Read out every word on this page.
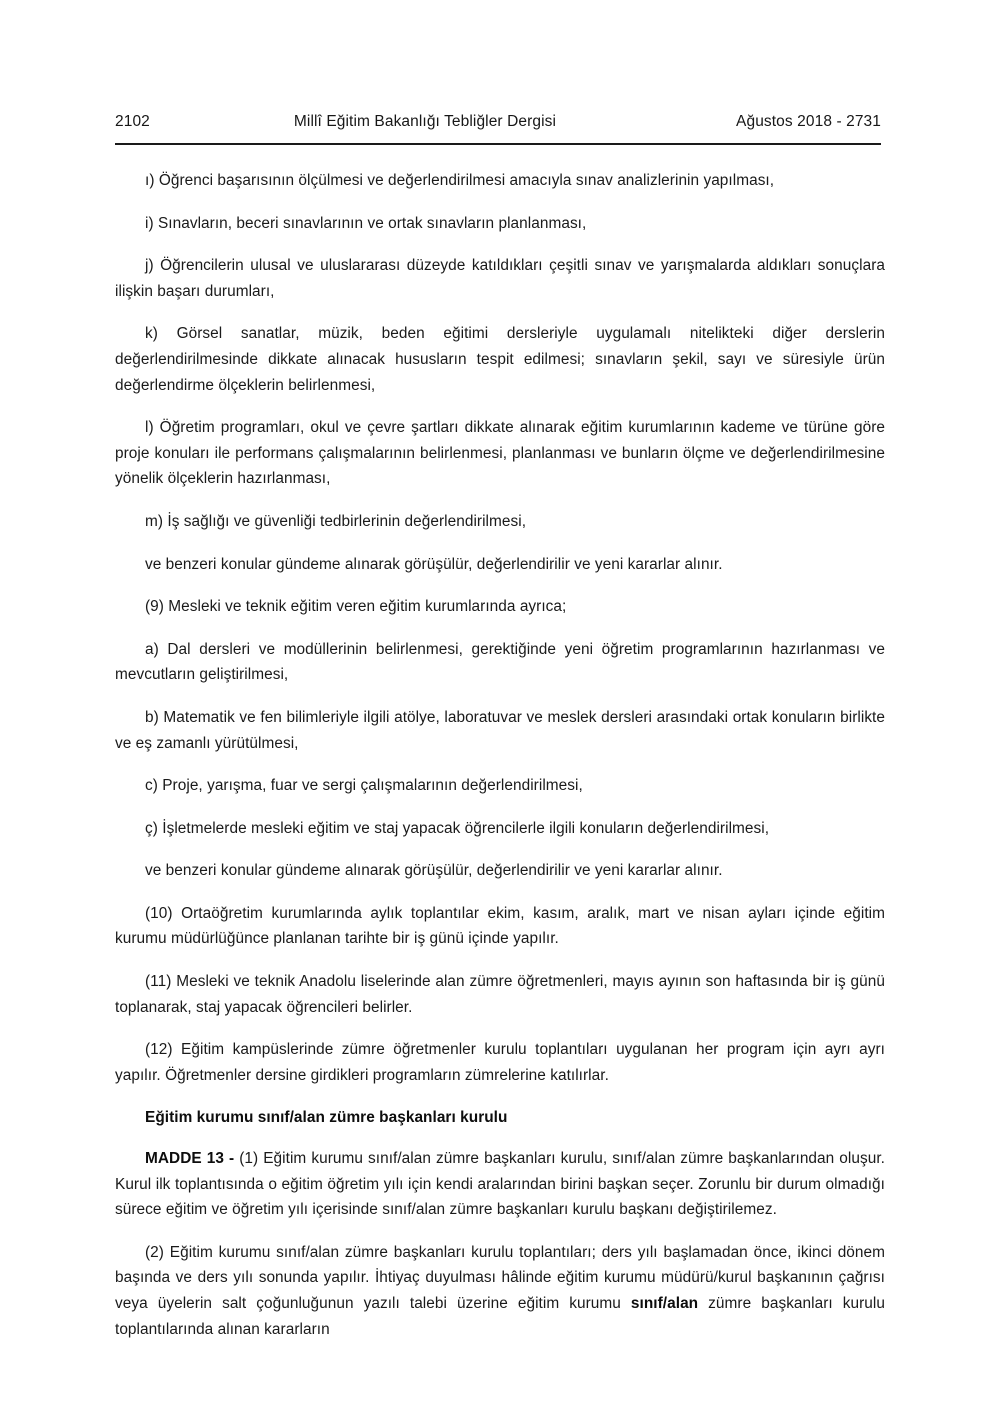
2102	Millî Eğitim Bakanlığı Tebliğler Dergisi	Ağustos 2018 - 2731

ı) Öğrenci başarısının ölçülmesi ve değerlendirilmesi amacıyla sınav analizlerinin yapılması,

i) Sınavların, beceri sınavlarının ve ortak sınavların planlanması,

j) Öğrencilerin ulusal ve uluslararası düzeyde katıldıkları çeşitli sınav ve yarışmalarda aldıkları sonuçlara ilişkin başarı durumları,

k) Görsel sanatlar, müzik, beden eğitimi dersleriyle uygulamalı nitelikteki diğer derslerin değerlendirilmesinde dikkate alınacak hususların tespit edilmesi; sınavların şekil, sayı ve süresiyle ürün değerlendirme ölçeklerin belirlenmesi,

l) Öğretim programları, okul ve çevre şartları dikkate alınarak eğitim kurumlarının kademe ve türüne göre proje konuları ile performans çalışmalarının belirlenmesi, planlanması ve bunların ölçme ve değerlendirilmesine yönelik ölçeklerin hazırlanması,

m) İş sağlığı ve güvenliği tedbirlerinin değerlendirilmesi,

ve benzeri konular gündeme alınarak görüşülür, değerlendirilir ve yeni kararlar alınır.

(9) Mesleki ve teknik eğitim veren eğitim kurumlarında ayrıca;

a) Dal dersleri ve modüllerinin belirlenmesi, gerektiğinde yeni öğretim programlarının hazırlanması ve mevcutların geliştirilmesi,

b) Matematik ve fen bilimleriyle ilgili atölye, laboratuvar ve meslek dersleri arasındaki ortak konuların birlikte ve eş zamanlı yürütülmesi,

c) Proje, yarışma, fuar ve sergi çalışmalarının değerlendirilmesi,

ç) İşletmelerde mesleki eğitim ve staj yapacak öğrencilerle ilgili konuların değerlendirilmesi,

ve benzeri konular gündeme alınarak görüşülür, değerlendirilir ve yeni kararlar alınır.

(10) Ortaöğretim kurumlarında aylık toplantılar ekim, kasım, aralık, mart ve nisan ayları içinde eğitim kurumu müdürlüğünce planlanan tarihte bir iş günü içinde yapılır.

(11) Mesleki ve teknik Anadolu liselerinde alan zümre öğretmenleri, mayıs ayının son haftasında bir iş günü toplanarak, staj yapacak öğrencileri belirler.

(12) Eğitim kampüslerinde zümre öğretmenler kurulu toplantıları uygulanan her program için ayrı ayrı yapılır. Öğretmenler dersine girdikleri programların zümrelerine katılırlar.

Eğitim kurumu sınıf/alan zümre başkanları kurulu

MADDE 13 - (1) Eğitim kurumu sınıf/alan zümre başkanları kurulu, sınıf/alan zümre başkanlarından oluşur. Kurul ilk toplantısında o eğitim öğretim yılı için kendi aralarından birini başkan seçer. Zorunlu bir durum olmadığı sürece eğitim ve öğretim yılı içerisinde sınıf/alan zümre başkanları kurulu başkanı değiştirilemez.

(2) Eğitim kurumu sınıf/alan zümre başkanları kurulu toplantıları; ders yılı başlamadan önce, ikinci dönem başında ve ders yılı sonunda yapılır. İhtiyaç duyulması hâlinde eğitim kurumu müdürü/kurul başkanının çağrısı veya üyelerin salt çoğunluğunun yazılı talebi üzerine eğitim kurumu sınıf/alan zümre başkanları kurulu toplantılarında alınan kararların
